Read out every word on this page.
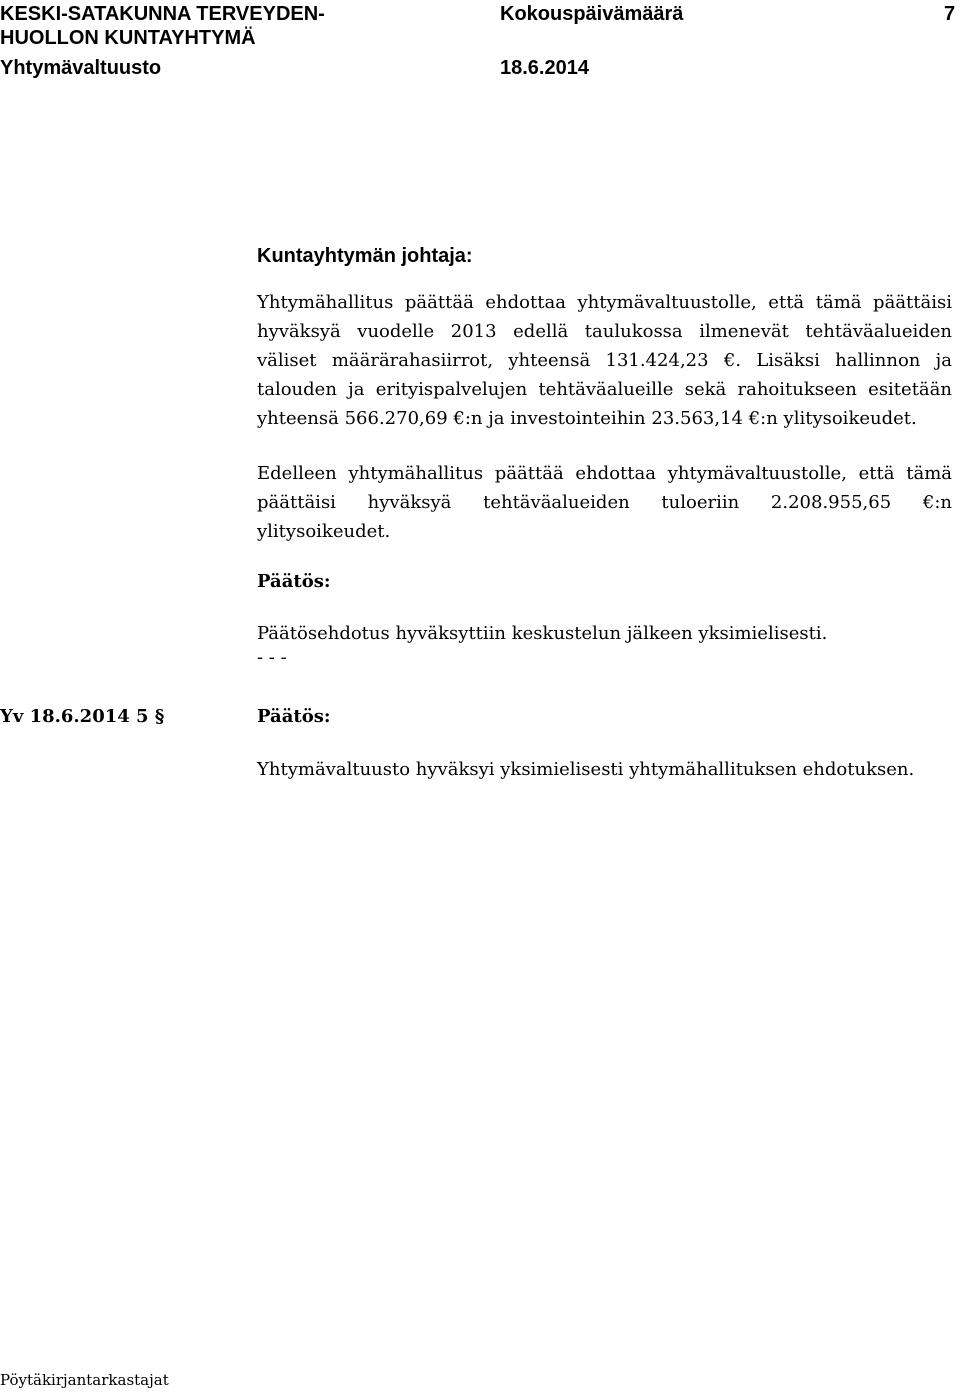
KESKI-SATAKUNNA TERVEYDEN-
HUOLLON KUNTAYHTYMÄ
Yhtymävaltuusto
Kokouspäivämäärä
18.6.2014
7
Kuntayhtymän johtaja:

Yhtymähallitus päättää ehdottaa yhtymävaltuustolle, että tämä päättäisi hyväksyä vuodelle 2013 edellä taulukossa ilmenevät tehtäväalueiden väliset määrärahasiirrot, yhteensä 131.424,23 €. Lisäksi hallinnon ja talouden ja erityispalvelujen tehtäväalueille sekä rahoitukseen esitetään yhteensä 566.270,69 €:n ja investointeihin 23.563,14 €:n ylitysoikeudet.

Edelleen yhtymähallitus päättää ehdottaa yhtymävaltuustolle, että tämä päättäisi hyväksyä tehtäväalueiden tuloeriin 2.208.955,65 €:n ylitysoikeudet.

Päätös:
Päätösehdotus hyväksyttiin keskustelun jälkeen yksimielisesti.
- - -
Yv 18.6.2014 5 §	Päätös:
Yhtymävaltuusto hyväksyi yksimielisesti yhtymähallituksen ehdotuksen.
Pöytäkirjantarkastajat
